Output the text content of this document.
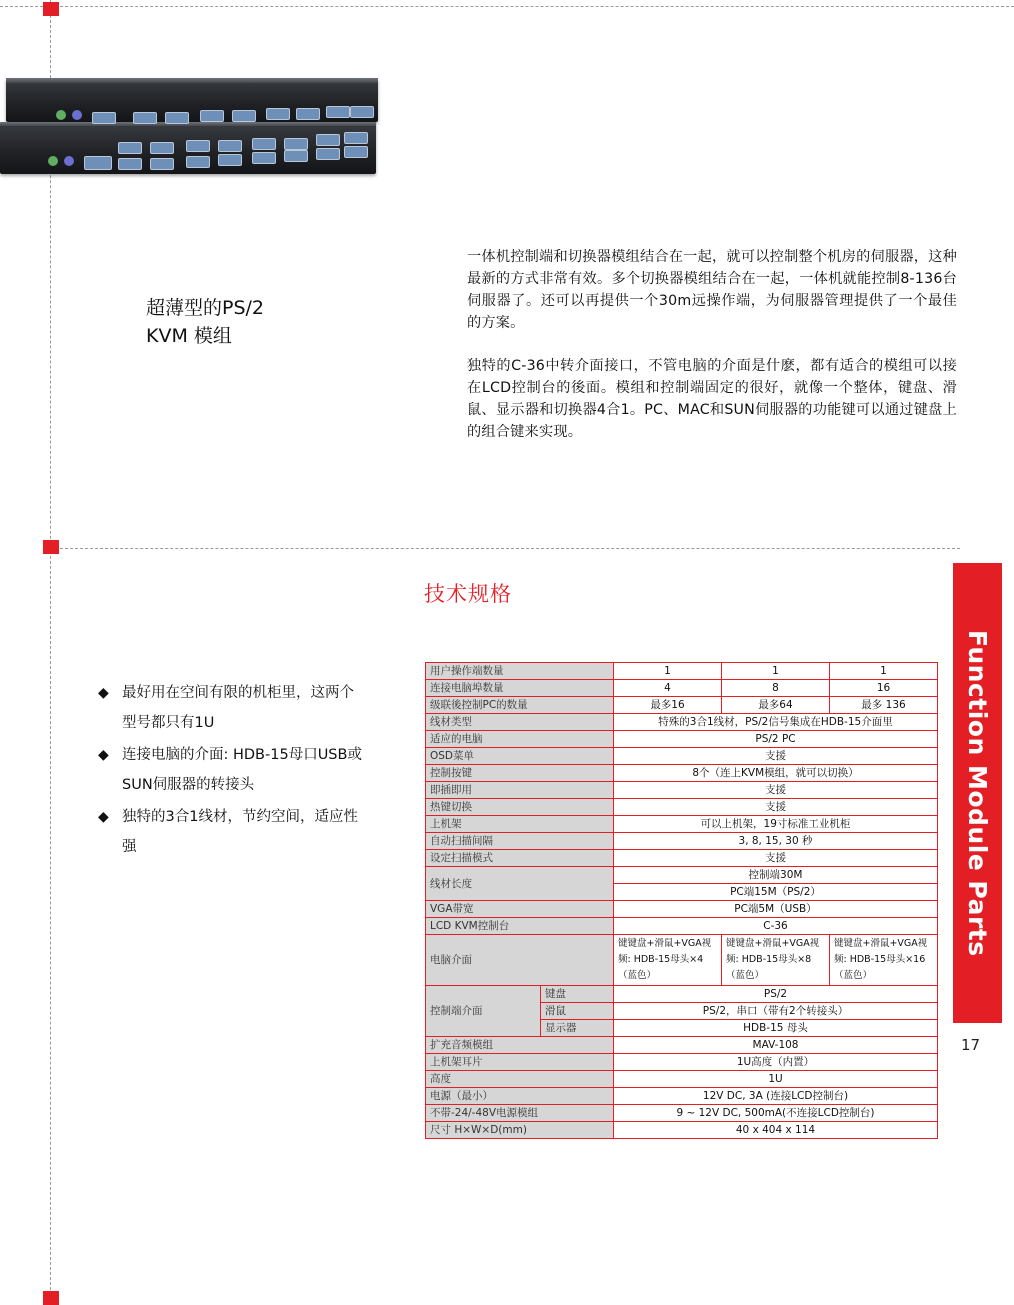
超薄型的PS/2
KVM 模组
一体机控制端和切换器模组结合在一起，就可以控制整个机房的伺服器，这种最新的方式非常有效。多个切换器模组结合在一起，一体机就能控制8-136台伺服器了。还可以再提供一个30m远操作端，为伺服器管理提供了一个最佳的方案。
独特的C-36中转介面接口，不管电脑的介面是什麽，都有适合的模组可以接在LCD控制台的後面。模组和控制端固定的很好，就像一个整体，键盘、滑鼠、显示器和切换器4合1。PC、MAC和SUN伺服器的功能键可以通过键盘上的组合键来实现。
技术规格
◆ 最好用在空间有限的机柜里，这两个型号都只有1U
◆ 连接电脑的介面: HDB-15母口USB或SUN伺服器的转接头
◆ 独特的3合1线材，节约空间，适应性强
用户操作端数量		1	1	1
连接电脑埠数量		4	8	16
级联後控制PC的数量		最多16	最多64	最多 136
线材类型		特殊的3合1线材，PS/2信号集成在HDB-15介面里		
适应的电脑		PS/2 PC		
OSD菜单		支援		
控制按键		8个（连上KVM模组，就可以切换）		
即插即用		支援		
热键切换		支援		
上机架		可以上机架，19寸标准工业机柜		
自动扫描间隔		3, 8, 15, 30 秒		
设定扫描模式		支援		
线材长度		控制端30M		
		PC端15M（PS/2）		
VGA带宽		PC端5M（USB）		
LCD KVM控制台		C-36		
电脑介面		键键盘+滑鼠+VGA视频: HDB-15母头×4（蓝色）	键键盘+滑鼠+VGA视频: HDB-15母头×8（蓝色）	键键盘+滑鼠+VGA视频: HDB-15母头×16（蓝色）
控制端介面	键盘	PS/2		
	滑鼠	PS/2，串口（带有2个转接头）		
	显示器	HDB-15 母头		
扩充音频模组		MAV-108		
上机架耳片		1U高度（内置）		
高度		1U		
电源（最小）		12V DC, 3A (连接LCD控制台)		
不带-24/-48V电源模组		9 ~ 12V DC, 500mA(不连接LCD控制台)		
尺寸 H×W×D(mm)		40 x 404 x 114		
Function Module Parts
17
